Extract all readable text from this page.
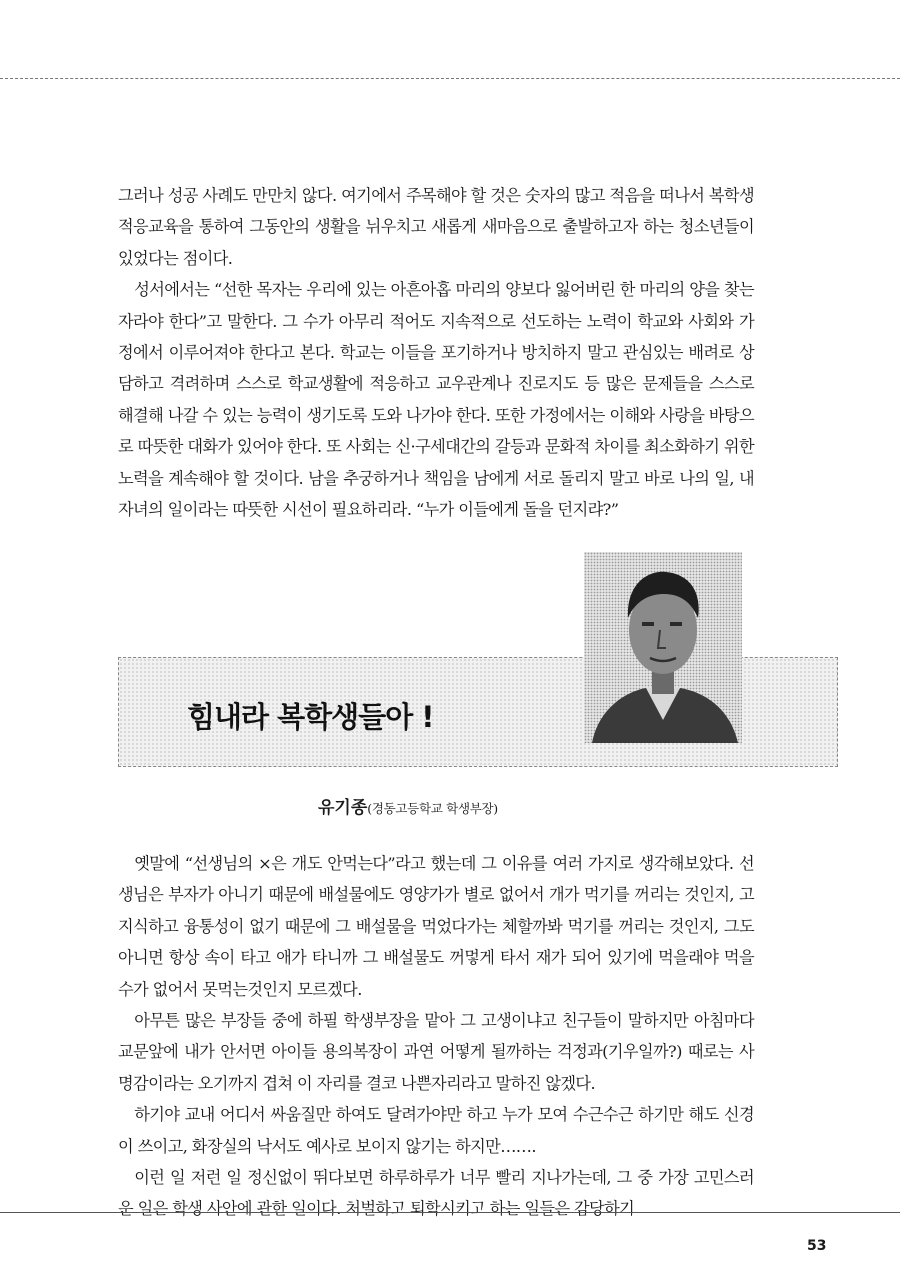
그러나 성공 사례도 만만치 않다. 여기에서 주목해야 할 것은 숫자의 많고 적음을 떠나서 복학생 적응교육을 통하여 그동안의 생활을 뉘우치고 새롭게 새마음으로 출발하고자 하는 청소년들이 있었다는 점이다.

성서에서는 “선한 목자는 우리에 있는 아흔아홉 마리의 양보다 잃어버린 한 마리의 양을 찾는 자라야 한다”고 말한다. 그 수가 아무리 적어도 지속적으로 선도하는 노력이 학교와 사회와 가정에서 이루어져야 한다고 본다. 학교는 이들을 포기하거나 방치하지 말고 관심있는 배려로 상담하고 격려하며 스스로 학교생활에 적응하고 교우관계나 진로지도 등 많은 문제들을 스스로 해결해 나갈 수 있는 능력이 생기도록 도와 나가야 한다. 또한 가정에서는 이해와 사랑을 바탕으로 따뜻한 대화가 있어야 한다. 또 사회는 신·구세대간의 갈등과 문화적 차이를 최소화하기 위한 노력을 계속해야 할 것이다. 남을 추궁하거나 책임을 남에게 서로 돌리지 말고 바로 나의 일, 내 자녀의 일이라는 따뜻한 시선이 필요하리라. “누가 이들에게 돌을 던지랴?”

힘내라 복학생들아 !

유기종(경동고등학교 학생부장)

옛말에 “선생님의 ×은 개도 안먹는다”라고 했는데 그 이유를 여러 가지로 생각해보았다. 선생님은 부자가 아니기 때문에 배설물에도 영양가가 별로 없어서 개가 먹기를 꺼리는 것인지, 고지식하고 융통성이 없기 때문에 그 배설물을 먹었다가는 체할까봐 먹기를 꺼리는 것인지, 그도 아니면 항상 속이 타고 애가 타니까 그 배설물도 꺼멓게 타서 재가 되어 있기에 먹을래야 먹을 수가 없어서 못먹는것인지 모르겠다.

아무튼 많은 부장들 중에 하필 학생부장을 맡아 그 고생이냐고 친구들이 말하지만 아침마다 교문앞에 내가 안서면 아이들 용의복장이 과연 어떻게 될까하는 걱정과(기우일까?) 때로는 사명감이라는 오기까지 겹쳐 이 자리를 결코 나쁜자리라고 말하진 않겠다.

하기야 교내 어디서 싸움질만 하여도 달려가야만 하고 누가 모여 수근수근 하기만 해도 신경이 쓰이고, 화장실의 낙서도 예사로 보이지 않기는 하지만…….

이런 일 저런 일 정신없이 뛰다보면 하루하루가 너무 빨리 지나가는데, 그 중 가장 고민스러운 일은 학생 사안에 관한 일이다. 처벌하고 퇴학시키고 하는 일들은 감당하기

53
